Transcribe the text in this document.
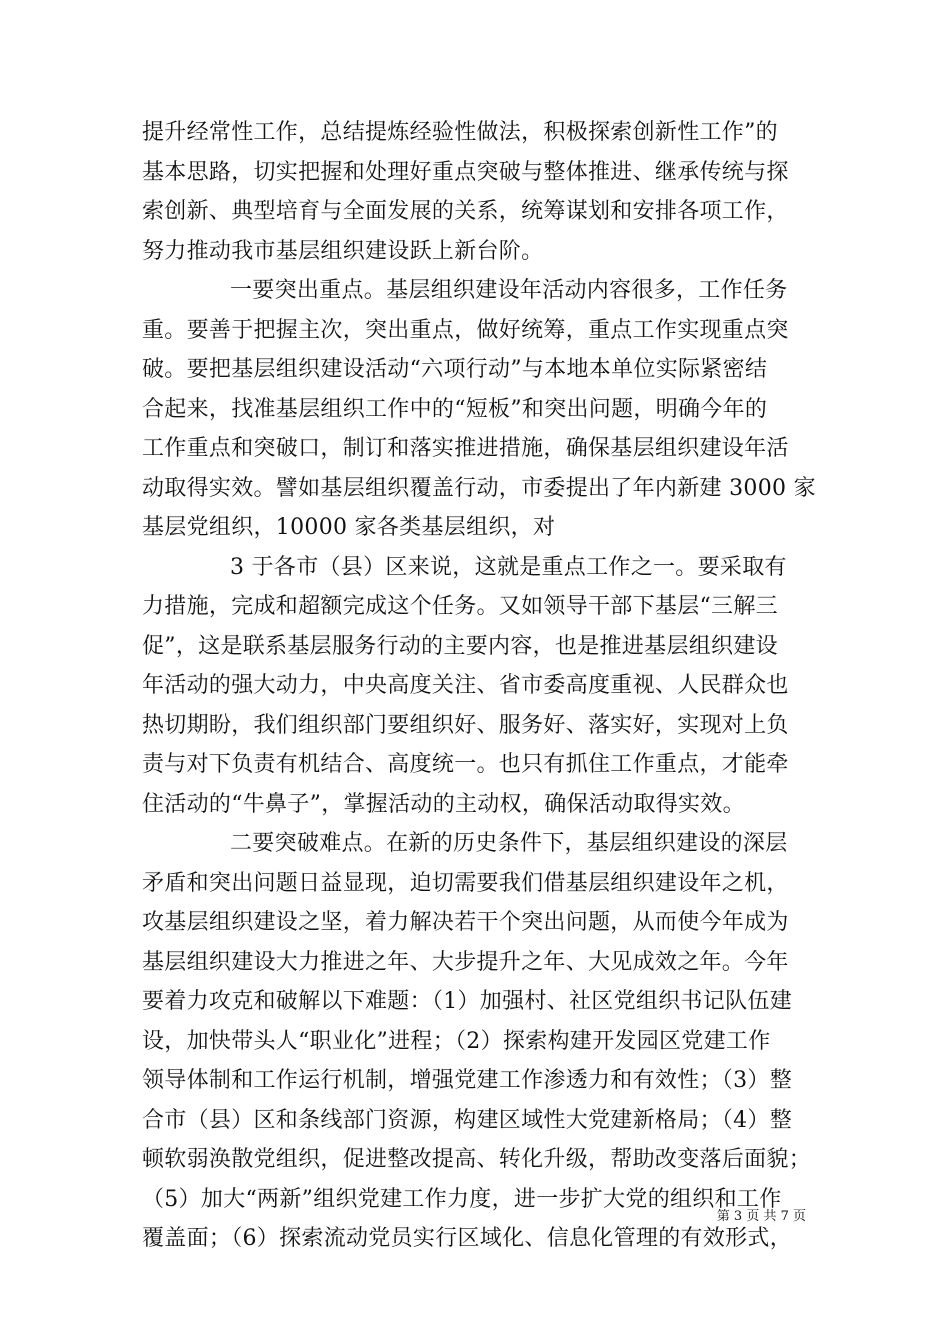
提升经常性工作，总结提炼经验性做法，积极探索创新性工作”的
基本思路，切实把握和处理好重点突破与整体推进、继承传统与探
索创新、典型培育与全面发展的关系，统筹谋划和安排各项工作，
努力推动我市基层组织建设跃上新台阶。
一要突出重点。基层组织建设年活动内容很多，工作任务
重。要善于把握主次，突出重点，做好统筹，重点工作实现重点突
破。要把基层组织建设活动“六项行动”与本地本单位实际紧密结
合起来，找准基层组织工作中的“短板”和突出问题，明确今年的
工作重点和突破口，制订和落实推进措施，确保基层组织建设年活
动取得实效。譬如基层组织覆盖行动，市委提出了年内新建 3000 家
基层党组织，10000 家各类基层组织，对
3 于各市（县）区来说，这就是重点工作之一。要采取有
力措施，完成和超额完成这个任务。又如领导干部下基层“三解三
促”，这是联系基层服务行动的主要内容，也是推进基层组织建设
年活动的强大动力，中央高度关注、省市委高度重视、人民群众也
热切期盼，我们组织部门要组织好、服务好、落实好，实现对上负
责与对下负责有机结合、高度统一。也只有抓住工作重点，才能牵
住活动的“牛鼻子”，掌握活动的主动权，确保活动取得实效。
二要突破难点。在新的历史条件下，基层组织建设的深层
矛盾和突出问题日益显现，迫切需要我们借基层组织建设年之机，
攻基层组织建设之坚，着力解决若干个突出问题，从而使今年成为
基层组织建设大力推进之年、大步提升之年、大见成效之年。今年
要着力攻克和破解以下难题：（1）加强村、社区党组织书记队伍建
设，加快带头人“职业化”进程；（2）探索构建开发园区党建工作
领导体制和工作运行机制，增强党建工作渗透力和有效性；（3）整
合市（县）区和条线部门资源，构建区域性大党建新格局；（4）整
顿软弱涣散党组织，促进整改提高、转化升级，帮助改变落后面貌；
（5）加大“两新”组织党建工作力度，进一步扩大党的组织和工作
覆盖面；（6）探索流动党员实行区域化、信息化管理的有效形式，
第 3 页 共 7 页
